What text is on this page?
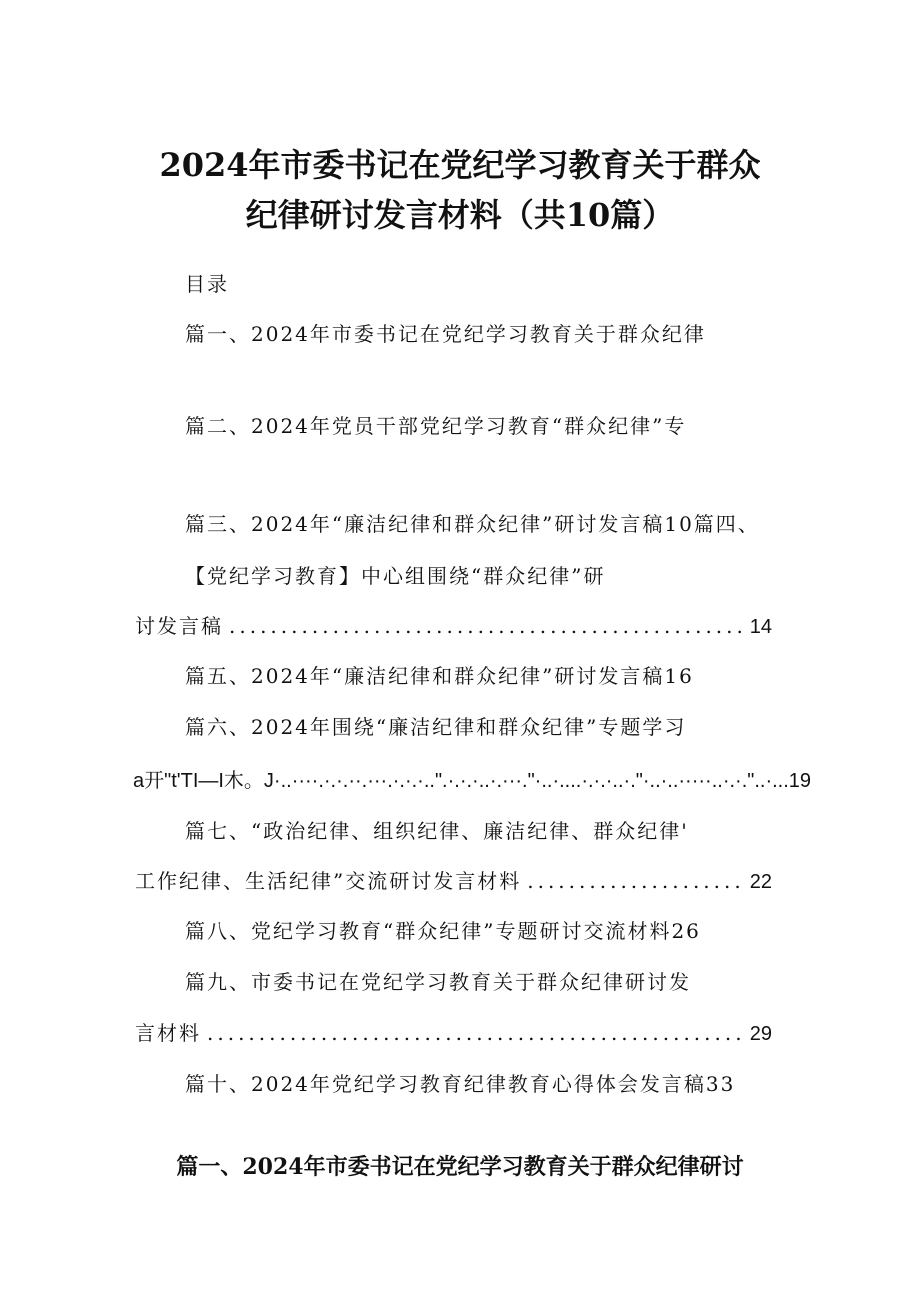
2024年市委书记在党纪学习教育关于群众
纪律研讨发言材料（共10篇）
目录
篇一、2024年市委书记在党纪学习教育关于群众纪律
篇二、2024年党员干部党纪学习教育“群众纪律”专
篇三、2024年“廉洁纪律和群众纪律”研讨发言稿10篇四、
【党纪学习教育】中心组围绕“群众纪律”研
讨发言稿 .....	14
篇五、2024年“廉洁纪律和群众纪律”研讨发言稿16
篇六、2024年围绕“廉洁纪律和群众纪律”专题学习
a开"t'TI—I木。J·..····.·.·.··.···.·.·.·..".·.·.·..·.···."·..·....·.·.·..·."·..·..·····..·.·."..·...19
篇七、“政治纪律、组织纪律、廉洁纪律、群众纪律'
工作纪律、生活纪律”交流研讨发言材料 .....	22
篇八、党纪学习教育“群众纪律”专题研讨交流材料26
篇九、市委书记在党纪学习教育关于群众纪律研讨发
言材料 .....	29
篇十、2024年党纪学习教育纪律教育心得体会发言稿33
篇一、2024年市委书记在党纪学习教育关于群众纪律研讨
